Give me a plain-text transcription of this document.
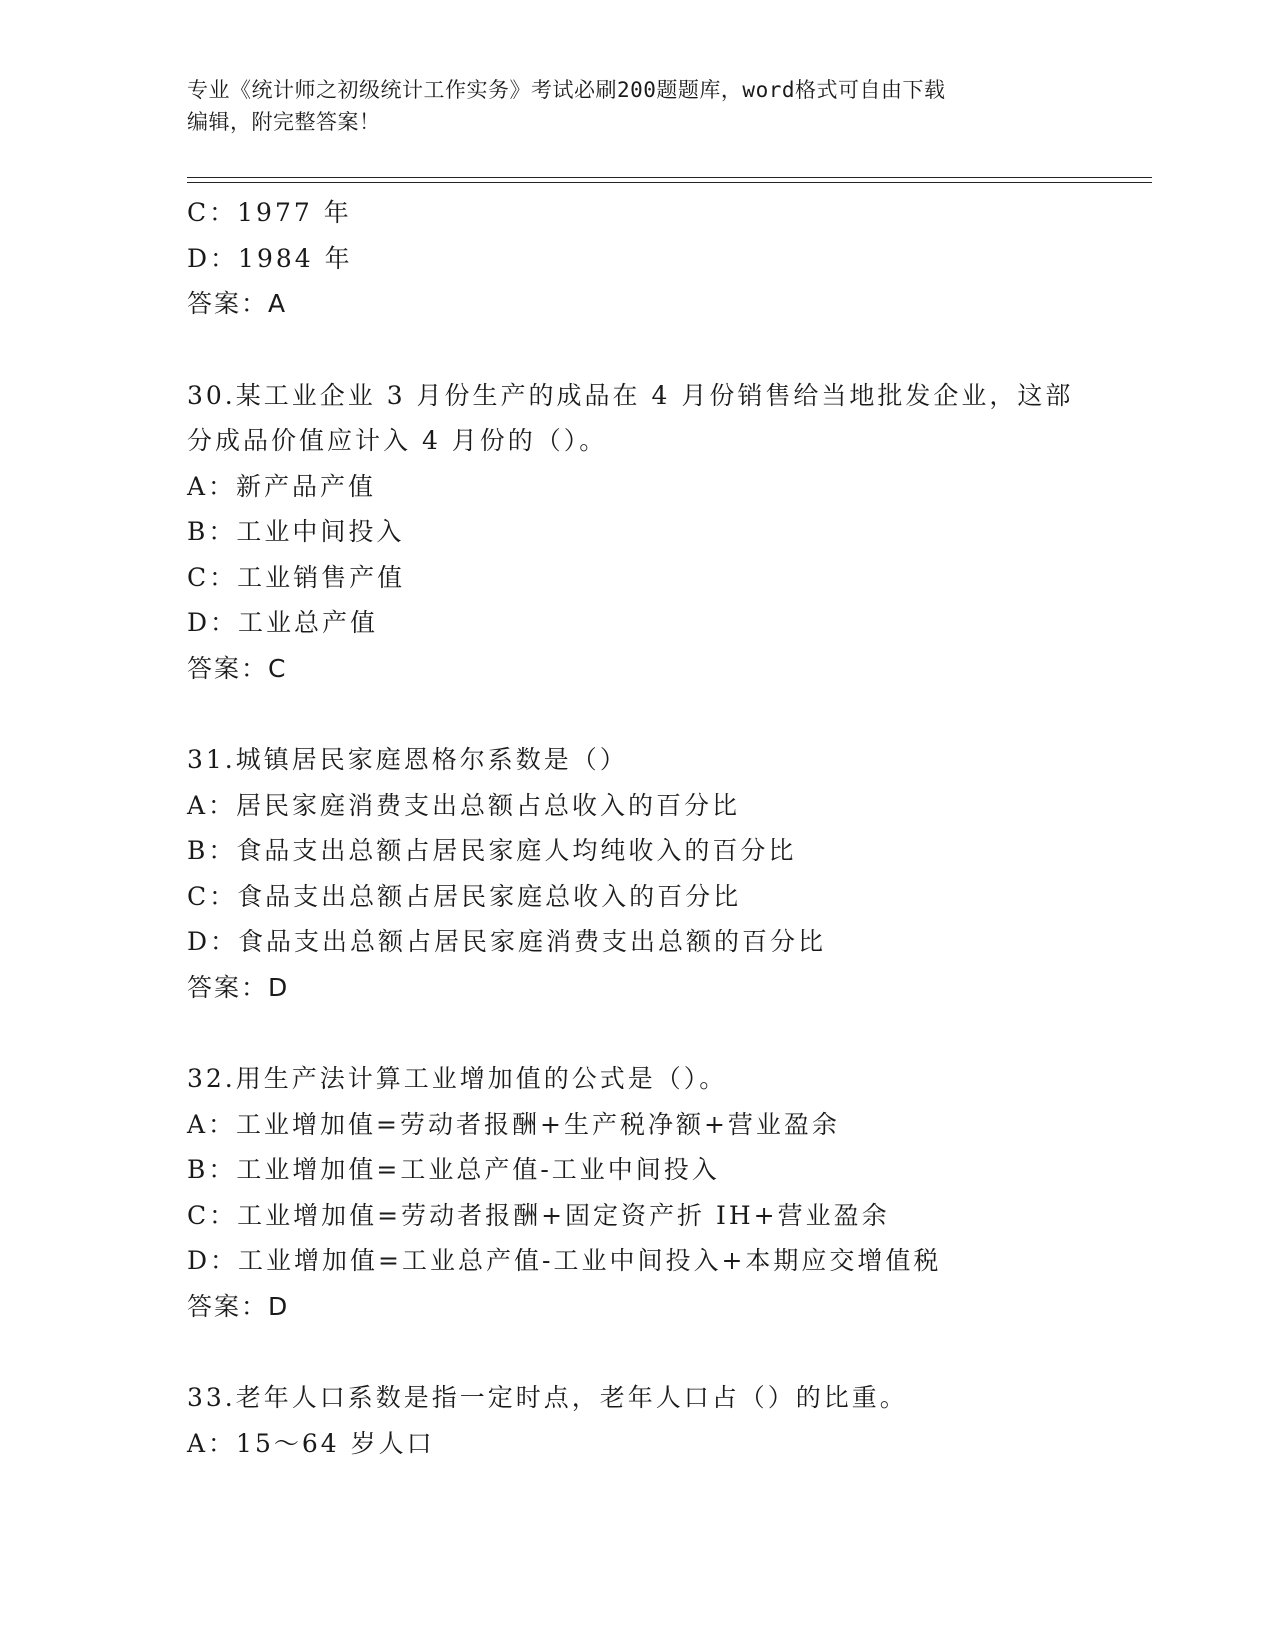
专业《统计师之初级统计工作实务》考试必刷200题题库，word格式可自由下载
编辑，附完整答案！
C：1977 年
D：1984 年
答案：A
30.某工业企业 3 月份生产的成品在 4 月份销售给当地批发企业，这部
分成品价值应计入 4 月份的（）。
A：新产品产值
B：工业中间投入
C：工业销售产值
D：工业总产值
答案：C
31.城镇居民家庭恩格尔系数是（）
A：居民家庭消费支出总额占总收入的百分比
B：食品支出总额占居民家庭人均纯收入的百分比
C：食品支出总额占居民家庭总收入的百分比
D：食品支出总额占居民家庭消费支出总额的百分比
答案：D
32.用生产法计算工业增加值的公式是（）。
A：工业增加值=劳动者报酬+生产税净额+营业盈余
B：工业增加值=工业总产值-工业中间投入
C：工业增加值=劳动者报酬+固定资产折 IH+营业盈余
D：工业增加值=工业总产值-工业中间投入+本期应交增值税
答案：D
33.老年人口系数是指一定时点，老年人口占（）的比重。
A：15～64 岁人口
